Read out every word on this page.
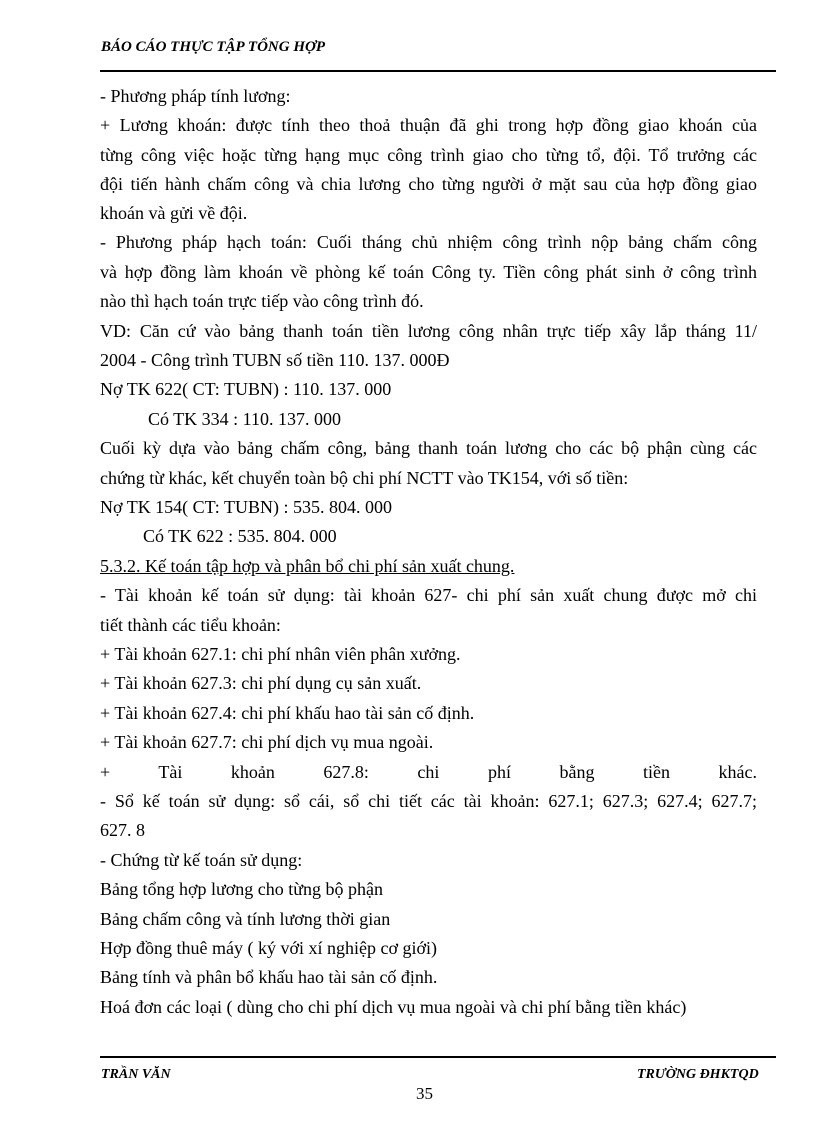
BÁO CÁO THỰC TẬP TỔNG HỢP
- Phương pháp tính lương:
+ Lương khoán: được tính theo thoả thuận đã ghi trong hợp đồng giao khoán của
từng công việc hoặc từng hạng mục công trình giao cho từng tổ, đội. Tổ trưởng các
đội tiến hành chấm công và chia lương cho từng người ở mặt sau của hợp đồng giao
khoán và gửi về đội.
- Phương pháp hạch toán: Cuối tháng chủ nhiệm công trình nộp bảng chấm công
và hợp đồng làm khoán về phòng kế toán Công ty. Tiền công phát sinh ở công trình
nào thì hạch toán trực tiếp vào công trình đó.
VD: Căn cứ vào bảng thanh toán tiền lương công nhân trực tiếp xây lắp tháng 11/
2004 - Công trình TUBN số tiền 110. 137. 000Đ
Nợ TK 622( CT: TUBN) : 110. 137. 000
Có TK 334 : 110. 137. 000
Cuối kỳ dựa vào bảng chấm công, bảng thanh toán lương cho các bộ phận cùng các
chứng từ khác, kết chuyển toàn bộ chi phí NCTT vào TK154, với số tiền:
Nợ TK 154( CT: TUBN) : 535. 804. 000
Có TK 622 : 535. 804. 000
5.3.2. Kế toán tập hợp và phân bổ chi phí sản xuất chung.
- Tài khoản kế toán sử dụng: tài khoản 627- chi phí sản xuất chung được mở chi
tiết thành các tiểu khoản:
+ Tài khoản 627.1: chi phí nhân viên phân xưởng.
+ Tài khoản 627.3: chi phí dụng cụ sản xuất.
+ Tài khoản 627.4: chi phí khấu hao tài sản cố định.
+ Tài khoản 627.7: chi phí dịch vụ mua ngoài.
+ Tài khoản 627.8: chi phí bằng tiền khác.
- Sổ kế toán sử dụng: sổ cái, sổ chi tiết các tài khoản: 627.1; 627.3; 627.4; 627.7;
627. 8
- Chứng từ kế toán sử dụng:
Bảng tổng hợp lương cho từng bộ phận
Bảng chấm công và tính lương thời gian
Hợp đồng thuê máy ( ký với xí nghiệp cơ giới)
Bảng tính và phân bổ khấu hao tài sản cố định.
Hoá đơn các loại ( dùng cho chi phí dịch vụ mua ngoài và chi phí bằng tiền khác)
TRẦN VĂN	TRƯỜNG ĐHKTQD
35
